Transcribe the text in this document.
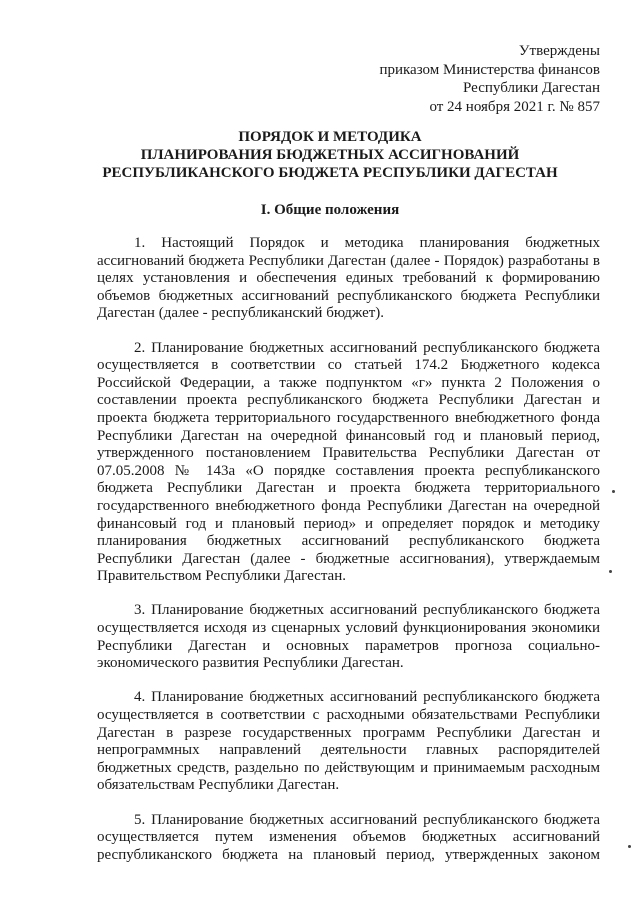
Утверждены
приказом Министерства финансов
Республики Дагестан
от 24 ноября 2021 г. № 857
ПОРЯДОК И МЕТОДИКА
ПЛАНИРОВАНИЯ БЮДЖЕТНЫХ АССИГНОВАНИЙ
РЕСПУБЛИКАНСКОГО БЮДЖЕТА РЕСПУБЛИКИ ДАГЕСТАН
I. Общие положения
1. Настоящий Порядок и методика планирования бюджетных
ассигнований бюджета Республики Дагестан (далее - Порядок) разработаны в
целях установления и обеспечения единых требований к формированию
объемов бюджетных ассигнований республиканского бюджета Республики
Дагестан (далее - республиканский бюджет).
2. Планирование бюджетных ассигнований республиканского бюджета
осуществляется в соответствии со статьей 174.2 Бюджетного кодекса
Российской Федерации, а также подпунктом «г» пункта 2 Положения о
составлении проекта республиканского бюджета Республики Дагестан и
проекта бюджета территориального государственного внебюджетного фонда
Республики Дагестан на очередной финансовый год и плановый период,
утвержденного постановлением Правительства Республики Дагестан от
07.05.2008 № 143а «О порядке составления проекта республиканского
бюджета Республики Дагестан и проекта бюджета территориального
государственного внебюджетного фонда Республики Дагестан на очередной
финансовый год и плановый период» и определяет порядок и методику
планирования бюджетных ассигнований республиканского бюджета
Республики Дагестан (далее - бюджетные ассигнования), утверждаемым
Правительством Республики Дагестан.
3. Планирование бюджетных ассигнований республиканского бюджета
осуществляется исходя из сценарных условий функционирования экономики
Республики Дагестан и основных параметров прогноза социально-
экономического развития Республики Дагестан.
4. Планирование бюджетных ассигнований республиканского бюджета
осуществляется в соответствии с расходными обязательствами Республики
Дагестан в разрезе государственных программ Республики Дагестан и
непрограммных направлений деятельности главных распорядителей
бюджетных средств, раздельно по действующим и принимаемым расходным
обязательствам Республики Дагестан.
5. Планирование бюджетных ассигнований республиканского бюджета
осуществляется путем изменения объемов бюджетных ассигнований
республиканского бюджета на плановый период, утвержденных законом
